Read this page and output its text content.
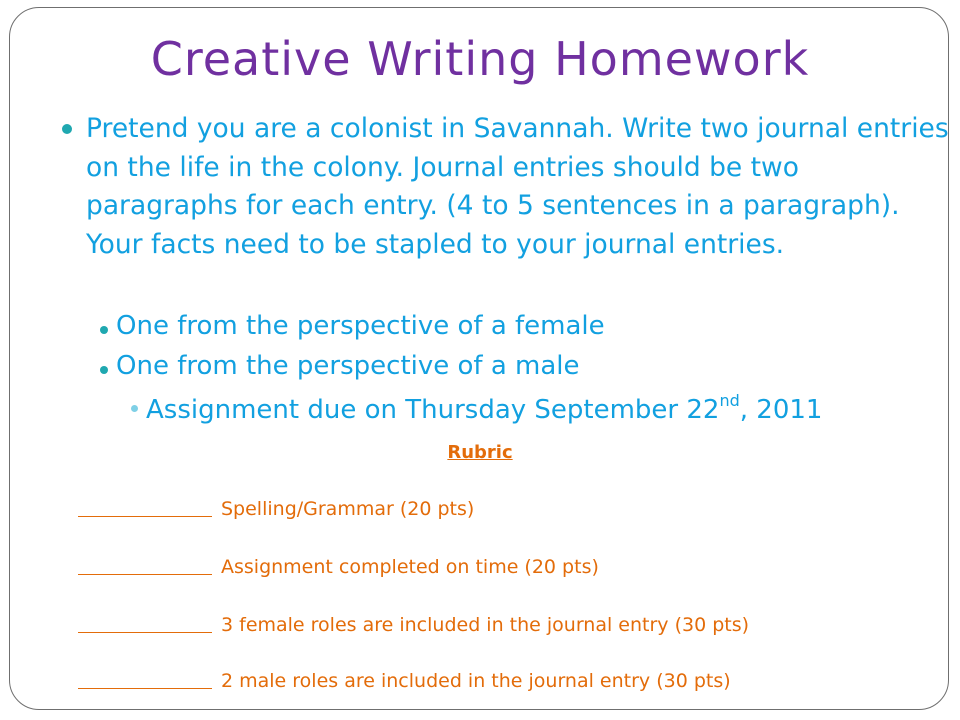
Creative Writing Homework
Pretend you are a colonist in Savannah. Write two journal entries on the life in the colony. Journal entries should be two paragraphs for each entry. (4 to 5 sentences in a paragraph). Your facts need to be stapled to your journal entries.
One from the perspective of a female
One from the perspective of a male
Assignment due on Thursday September 22nd, 2011
Rubric
Spelling/Grammar (20 pts)
Assignment completed on time (20 pts)
3 female roles are included in the journal entry (30 pts)
2 male roles are included in the journal entry (30 pts)
